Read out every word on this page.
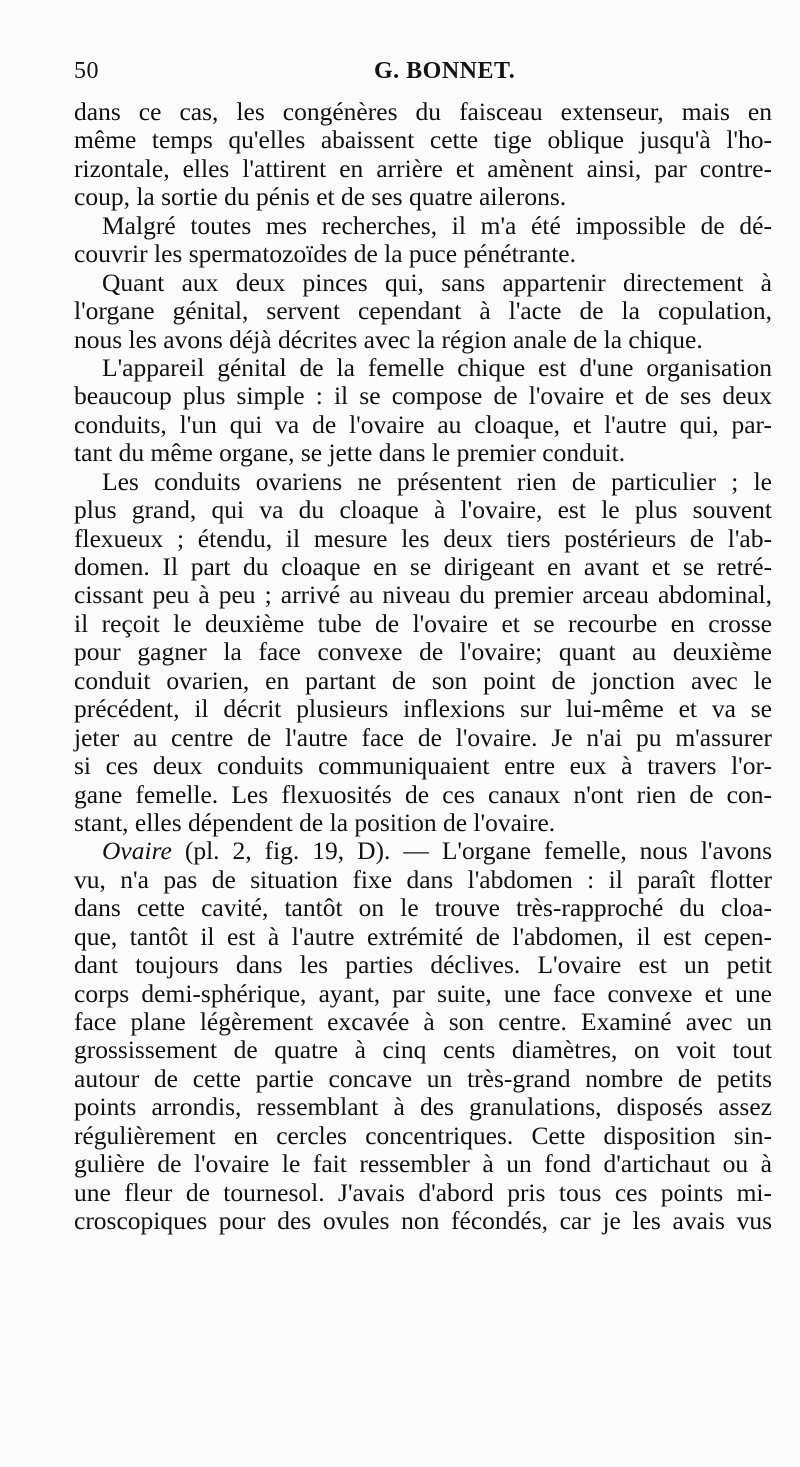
50	G. BONNET.
dans ce cas, les congénères du faisceau extenseur, mais en
même temps qu'elles abaissent cette tige oblique jusqu'à l'ho-
rizontale, elles l'attirent en arrière et amènent ainsi, par contre-
coup, la sortie du pénis et de ses quatre ailerons.
Malgré toutes mes recherches, il m'a été impossible de dé-
couvrir les spermatozoïdes de la puce pénétrante.
Quant aux deux pinces qui, sans appartenir directement à
l'organe génital, servent cependant à l'acte de la copulation,
nous les avons déjà décrites avec la région anale de la chique.
L'appareil génital de la femelle chique est d'une organisation
beaucoup plus simple : il se compose de l'ovaire et de ses deux
conduits, l'un qui va de l'ovaire au cloaque, et l'autre qui, par-
tant du même organe, se jette dans le premier conduit.
Les conduits ovariens ne présentent rien de particulier ; le
plus grand, qui va du cloaque à l'ovaire, est le plus souvent
flexueux ; étendu, il mesure les deux tiers postérieurs de l'ab-
domen. Il part du cloaque en se dirigeant en avant et se retré-
cissant peu à peu ; arrivé au niveau du premier arceau abdominal,
il reçoit le deuxième tube de l'ovaire et se recourbe en crosse
pour gagner la face convexe de l'ovaire; quant au deuxième
conduit ovarien, en partant de son point de jonction avec le
précédent, il décrit plusieurs inflexions sur lui-même et va se
jeter au centre de l'autre face de l'ovaire. Je n'ai pu m'assurer
si ces deux conduits communiquaient entre eux à travers l'or-
gane femelle. Les flexuosités de ces canaux n'ont rien de con-
stant, elles dépendent de la position de l'ovaire.
Ovaire (pl. 2, fig. 19, D). — L'organe femelle, nous l'avons
vu, n'a pas de situation fixe dans l'abdomen : il paraît flotter
dans cette cavité, tantôt on le trouve très-rapproché du cloa-
que, tantôt il est à l'autre extrémité de l'abdomen, il est cepen-
dant toujours dans les parties déclives. L'ovaire est un petit
corps demi-sphérique, ayant, par suite, une face convexe et une
face plane légèrement excavée à son centre. Examiné avec un
grossissement de quatre à cinq cents diamètres, on voit tout
autour de cette partie concave un très-grand nombre de petits
points arrondis, ressemblant à des granulations, disposés assez
régulièrement en cercles concentriques. Cette disposition sin-
gulière de l'ovaire le fait ressembler à un fond d'artichaut ou à
une fleur de tournesol. J'avais d'abord pris tous ces points mi-
croscopiques pour des ovules non fécondés, car je les avais vus
